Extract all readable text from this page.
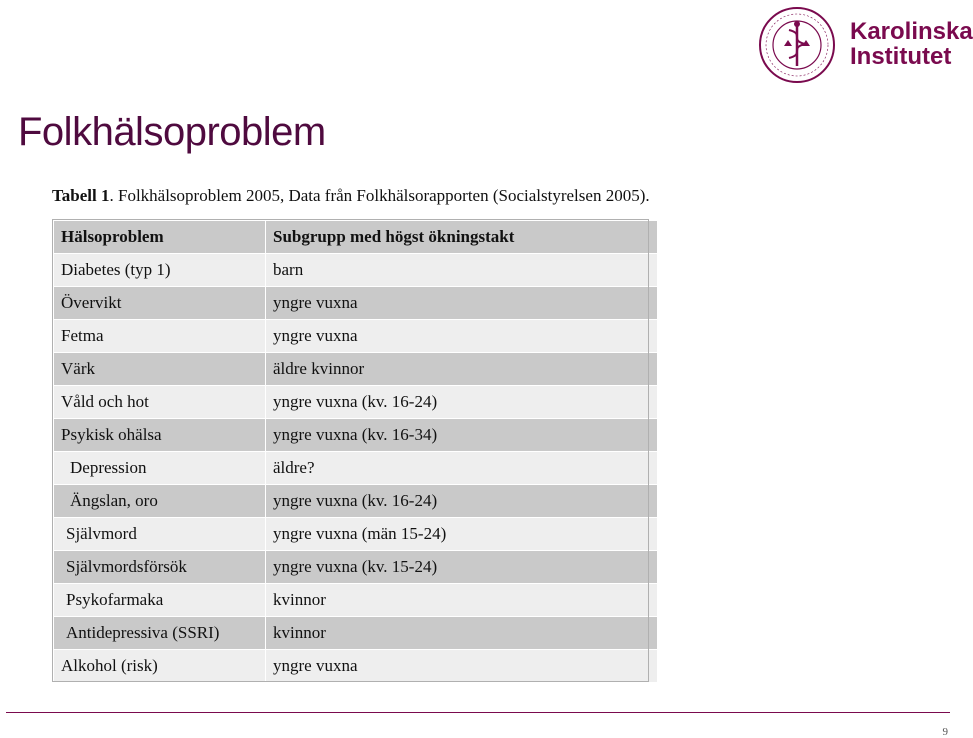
Folkhälsoproblem
Karolinska
Institutet
Tabell 1. Folkhälsoproblem 2005, Data från Folkhälsorapporten (Socialstyrelsen 2005).
Hälsoproblem	Subgrupp med högst ökningstakt
Diabetes (typ 1)	barn
Övervikt	yngre vuxna
Fetma	yngre vuxna
Värk	äldre kvinnor
Våld och hot	yngre vuxna (kv. 16-24)
Psykisk ohälsa	yngre vuxna (kv. 16-34)
Depression	äldre?
Ängslan, oro	yngre vuxna (kv. 16-24)
Självmord	yngre vuxna (män 15-24)
Självmordsförsök	yngre vuxna (kv. 15-24)
Psykofarmaka	kvinnor
Antidepressiva (SSRI)	kvinnor
Alkohol (risk)	yngre vuxna
9
